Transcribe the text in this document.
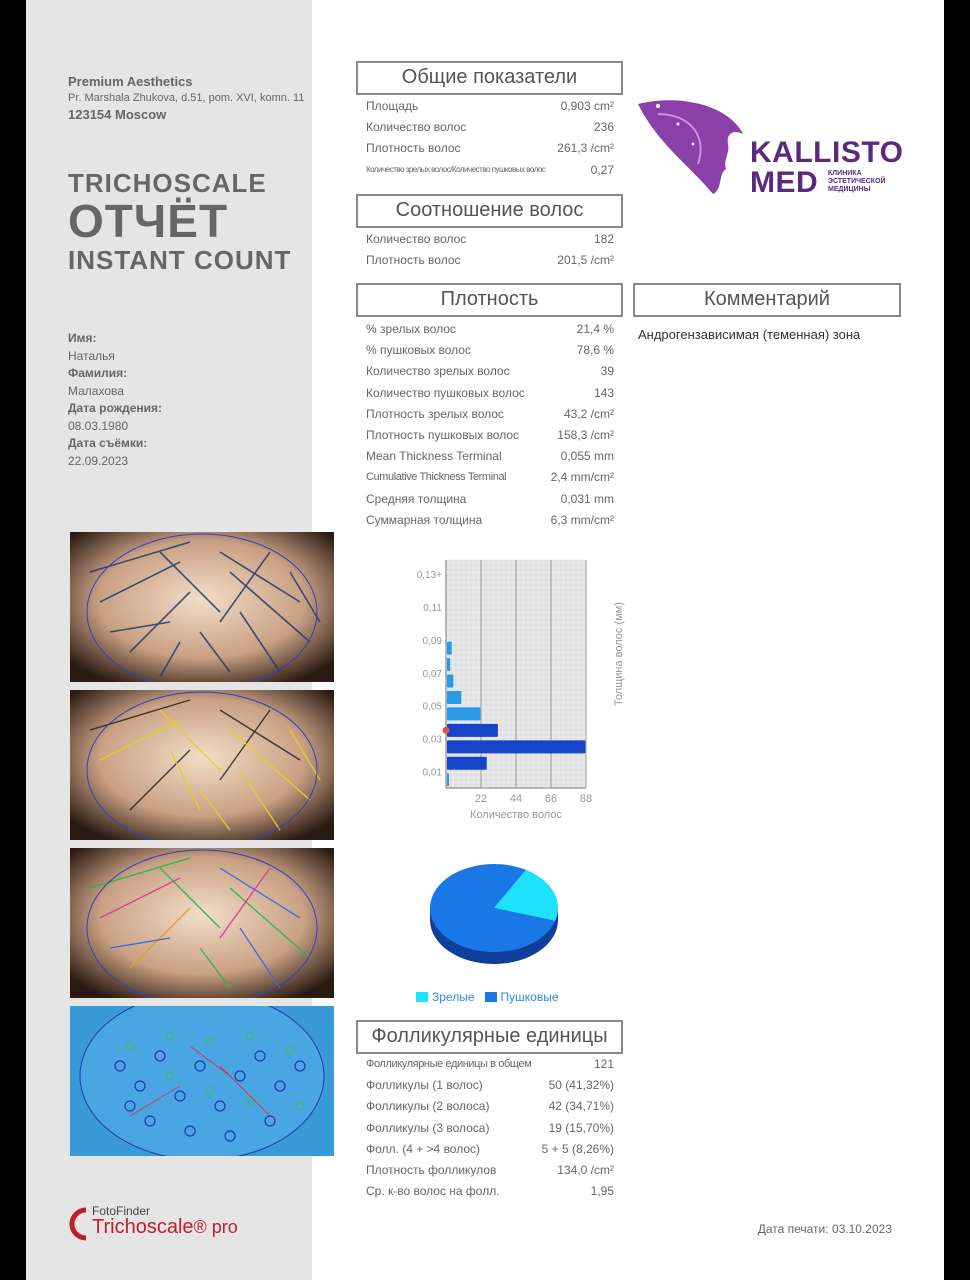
Premium Aesthetics
Pr. Marshala Zhukova, d.51, pom. XVI, komn. 11
123154 Moscow
TRICHOSCALE
ОТЧЁТ
INSTANT COUNT
Имя:
Наталья
Фамилия:
Малахова
Дата рождения:
08.03.1980
Дата съёмки:
22.09.2023
KALLISTO
MED КЛИНИКА
ЭСТЕТИЧЕСКОЙ
МЕДИЦИНЫ
Общие показатели
Площадь	0,903 cm²
Количество волос	236
Плотность волос	261,3 /cm²
Количество зрелых волос/Количество пушковых волос	0,27
Соотношение волос
Количество волос	182
Плотность волос	201,5 /cm²
Плотность
% зрелых волос	21,4 %
% пушковых волос	78,6 %
Количество зрелых волос	39
Количество пушковых волос	143
Плотность зрелых волос	43,2 /cm²
Плотность пушковых волос	158,3 /cm²
Mean Thickness Terminal	0,055 mm
Cumulative Thickness Terminal	2,4 mm/cm²
Средняя толщина	0,031 mm
Суммарная толщина	6,3 mm/cm²
Комментарий
Андрогензависимая (теменная) зона
22 44 66 88
0,01
0,03
0,05
0,07
0,09
0,11
0,13+
Количество волос
Толщина волос (мм)
Зрелые Пушковые
Фолликулярные единицы
Фолликулярные единицы в общем	121
Фолликулы (1 волос)	50 (41,32%)
Фолликулы (2 волоса)	42 (34,71%)
Фолликулы (3 волоса)	19 (15,70%)
Фолл. (4 + >4 волос)	5 + 5 (8,26%)
Плотность фолликулов	134,0 /cm²
Ср. к-во волос на фолл.	1,95
FotoFinder
Trichoscale® pro	Дата печати: 03.10.2023
